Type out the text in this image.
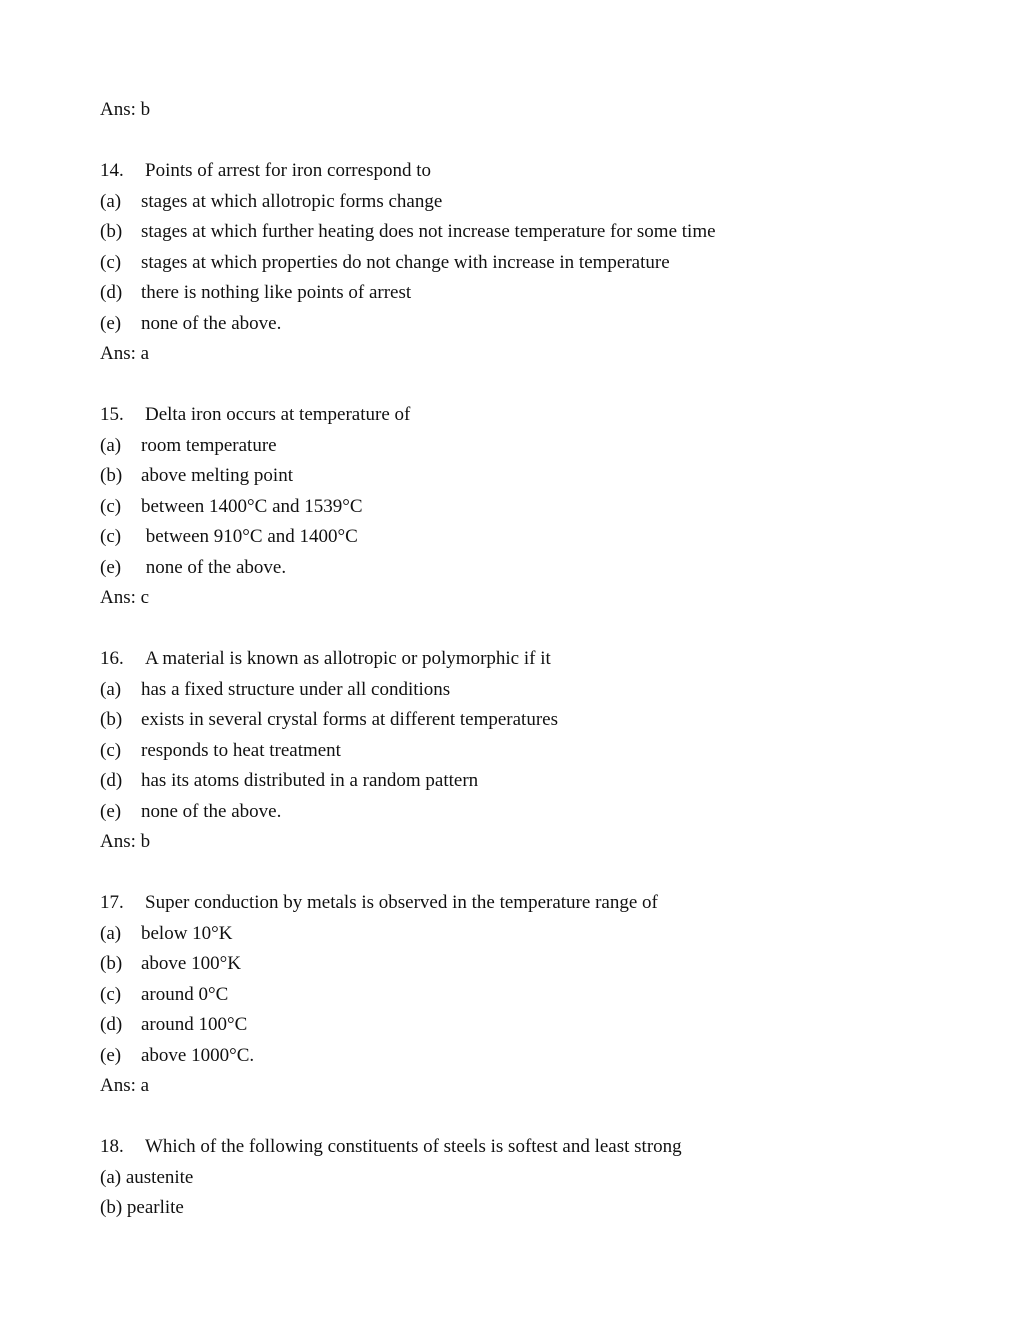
Ans: b
14. Points of arrest for iron correspond to
(a) stages at which allotropic forms change
(b) stages at which further heating does not increase temperature for some time
(c) stages at which properties do not change with increase in temperature
(d) there is nothing like points of arrest
(e) none of the above.
Ans: a
15. Delta iron occurs at temperature of
(a) room temperature
(b) above melting point
(c) between 1400°C and 1539°C
(c) between 910°C and 1400°C
(e) none of the above.
Ans: c
16. A material is known as allotropic or polymorphic if it
(a) has a fixed structure under all conditions
(b) exists in several crystal forms at different temperatures
(c) responds to heat treatment
(d) has its atoms distributed in a random pattern
(e) none of the above.
Ans: b
17. Super conduction by metals is observed in the temperature range of
(a) below 10°K
(b) above 100°K
(c) around 0°C
(d) around 100°C
(e) above 1000°C.
Ans: a
18. Which of the following constituents of steels is softest and least strong
(a) austenite
(b) pearlite
